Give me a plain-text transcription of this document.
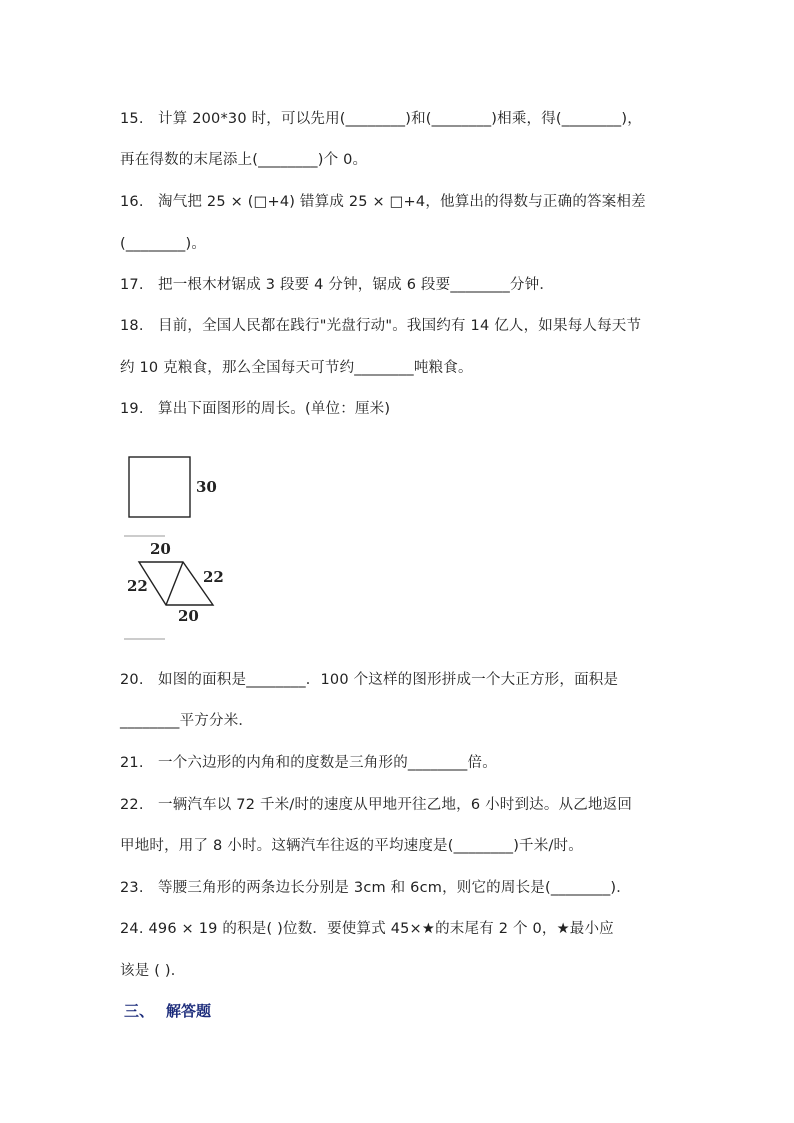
15. 计算 200*30 时，可以先用(________)和(________)相乘，得(________)，
再在得数的末尾添上(________)个 0。
16. 淘气把 25 × (□+4) 错算成 25 × □+4，他算出的得数与正确的答案相差
(________)。
17. 把一根木材锯成 3 段要 4 分钟，锯成 6 段要________分钟．
18. 目前，全国人民都在践行"光盘行动"。我国约有 14 亿人，如果每人每天节
约 10 克粮食，那么全国每天可节约________吨粮食。
19. 算出下面图形的周长。(单位：厘米)
30
20
22	22
20
20. 如图的面积是________．100 个这样的图形拼成一个大正方形，面积是
________平方分米．
21. 一个六边形的内角和的度数是三角形的________倍。
22. 一辆汽车以 72 千米/时的速度从甲地开往乙地，6 小时到达。从乙地返回
甲地时，用了 8 小时。这辆汽车往返的平均速度是(________)千米/时。
23. 等腰三角形的两条边长分别是 3cm 和 6cm，则它的周长是(________)．
24. 496 × 19 的积是( )位数．要使算式 45×★的末尾有 2 个 0，★最小应
该是 ( )．
三、 解答题
